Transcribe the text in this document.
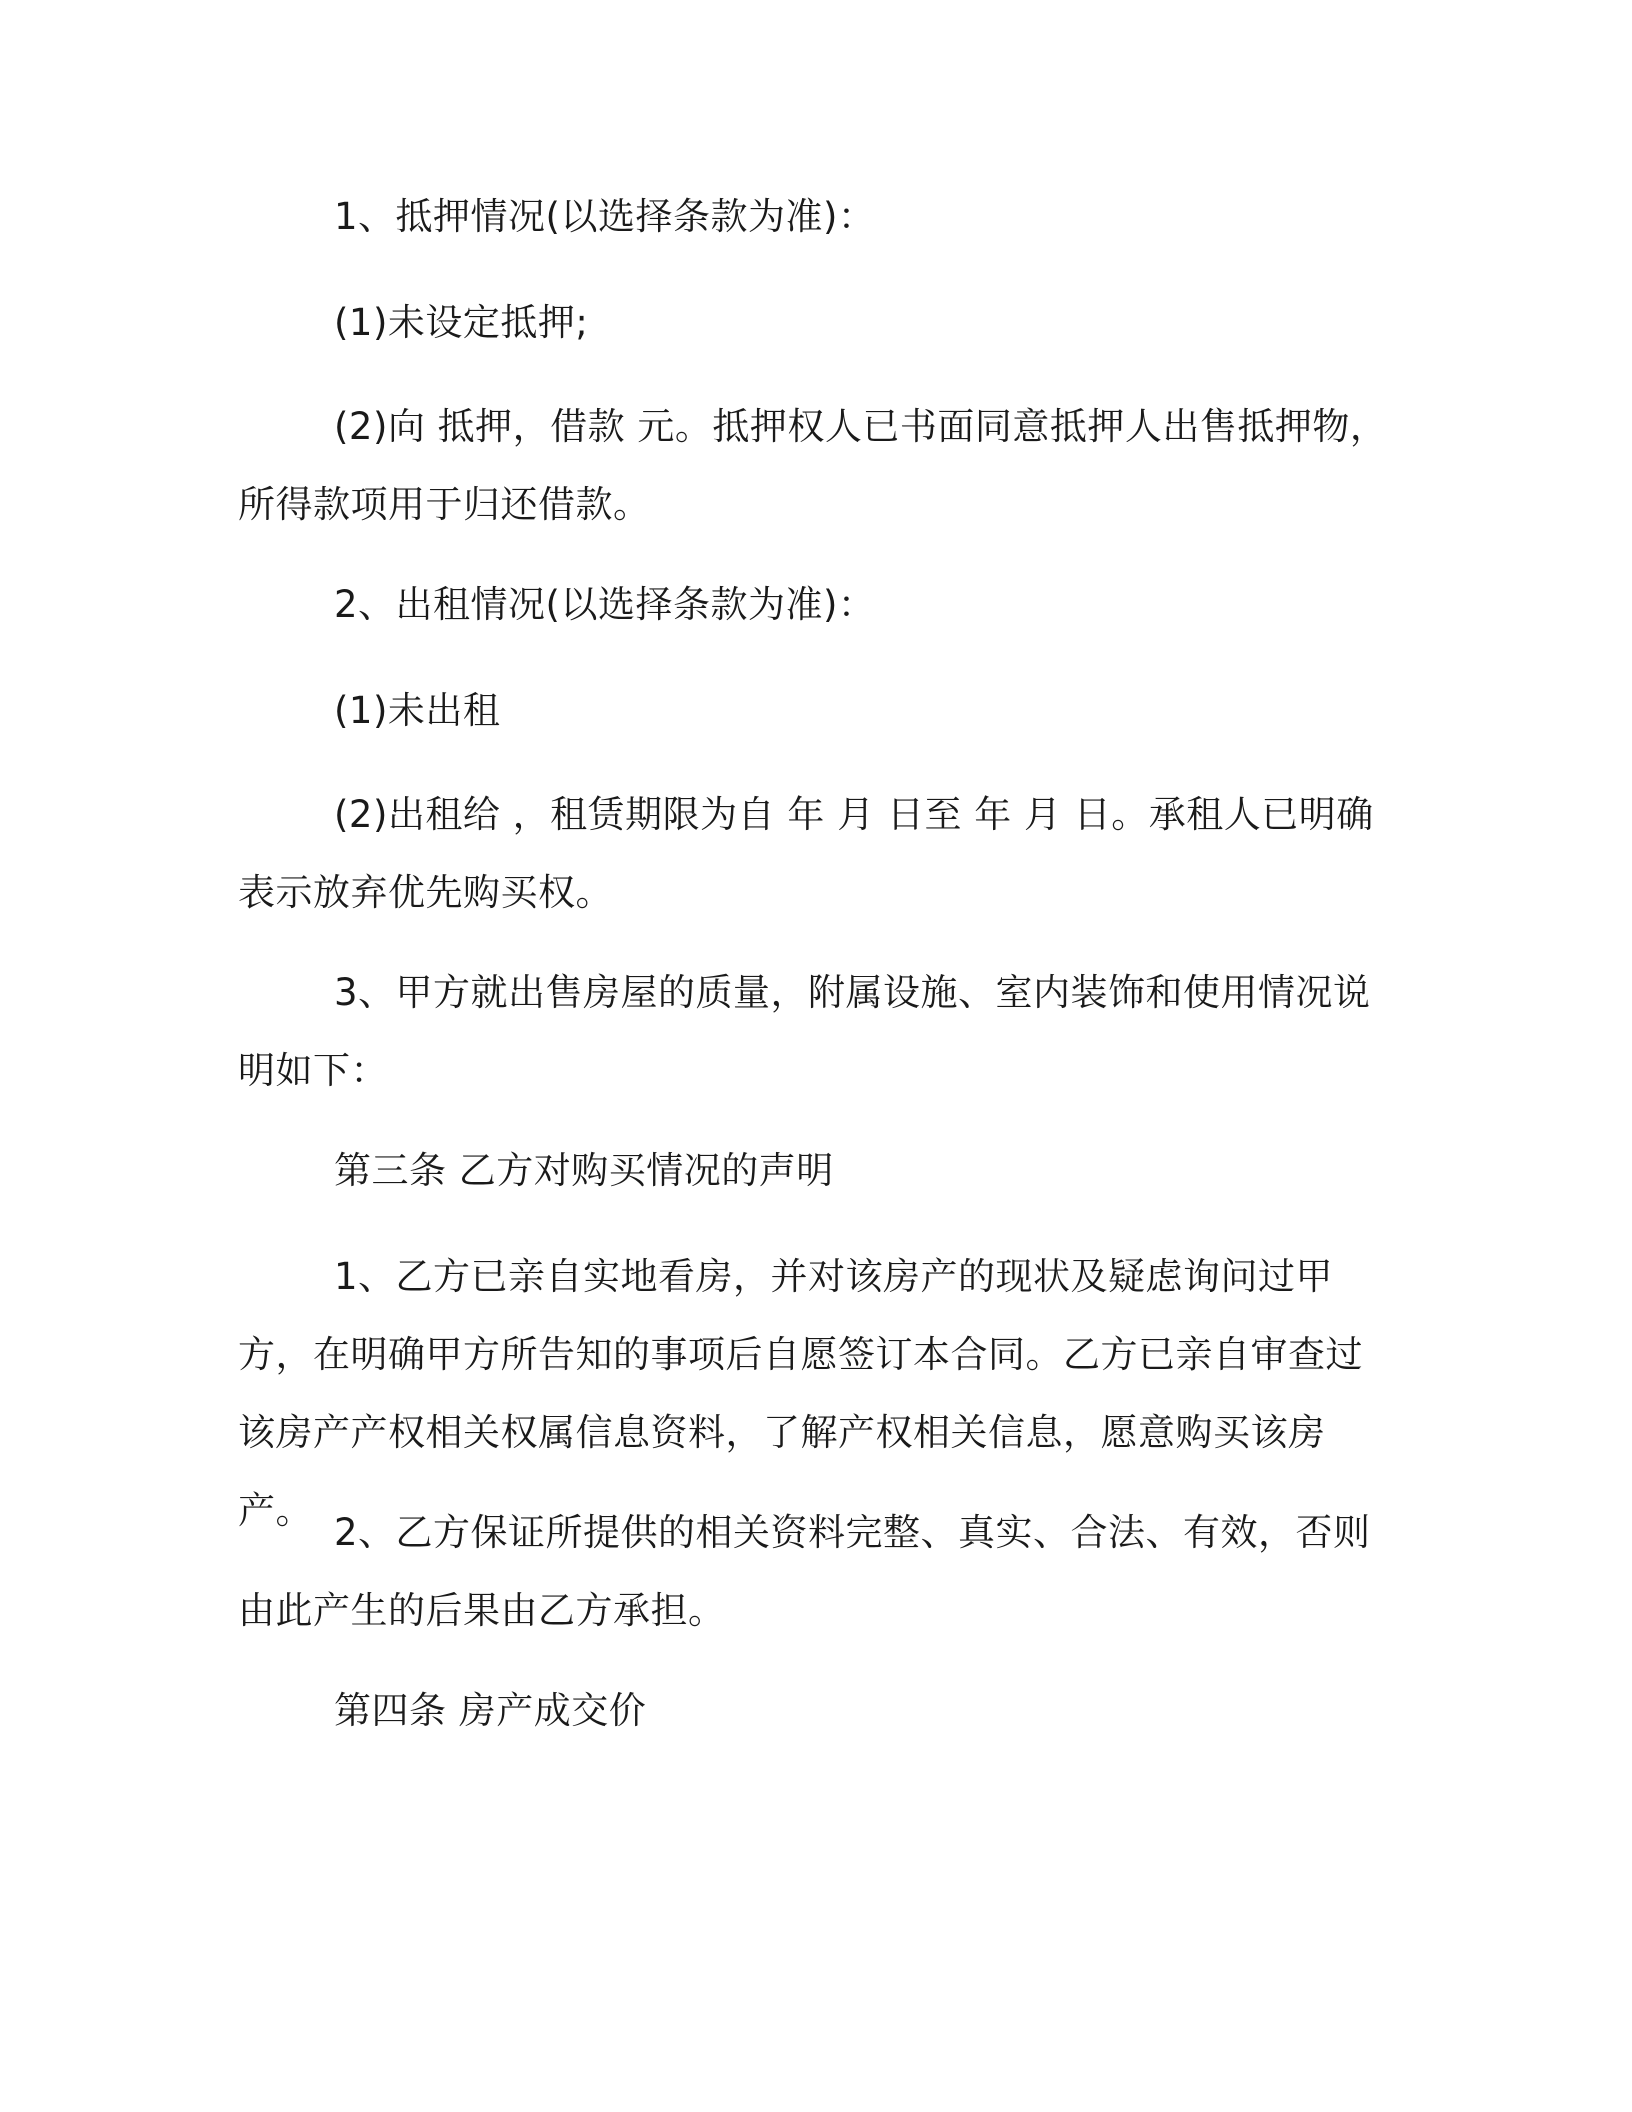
1、抵押情况(以选择条款为准)：

(1)未设定抵押;

(2)向 抵押，借款 元。抵押权人已书面同意抵押人出售抵押物，所得款项用于归还借款。

2、出租情况(以选择条款为准)：

(1)未出租

(2)出租给 ，租赁期限为自 年 月 日至 年 月 日。承租人已明确表示放弃优先购买权。

3、甲方就出售房屋的质量，附属设施、室内装饰和使用情况说明如下：

第三条 乙方对购买情况的声明

1、乙方已亲自实地看房，并对该房产的现状及疑虑询问过甲方，在明确甲方所告知的事项后自愿签订本合同。乙方已亲自审查过该房产产权相关权属信息资料，了解产权相关信息，愿意购买该房产。

2、乙方保证所提供的相关资料完整、真实、合法、有效，否则由此产生的后果由乙方承担。

第四条 房产成交价
